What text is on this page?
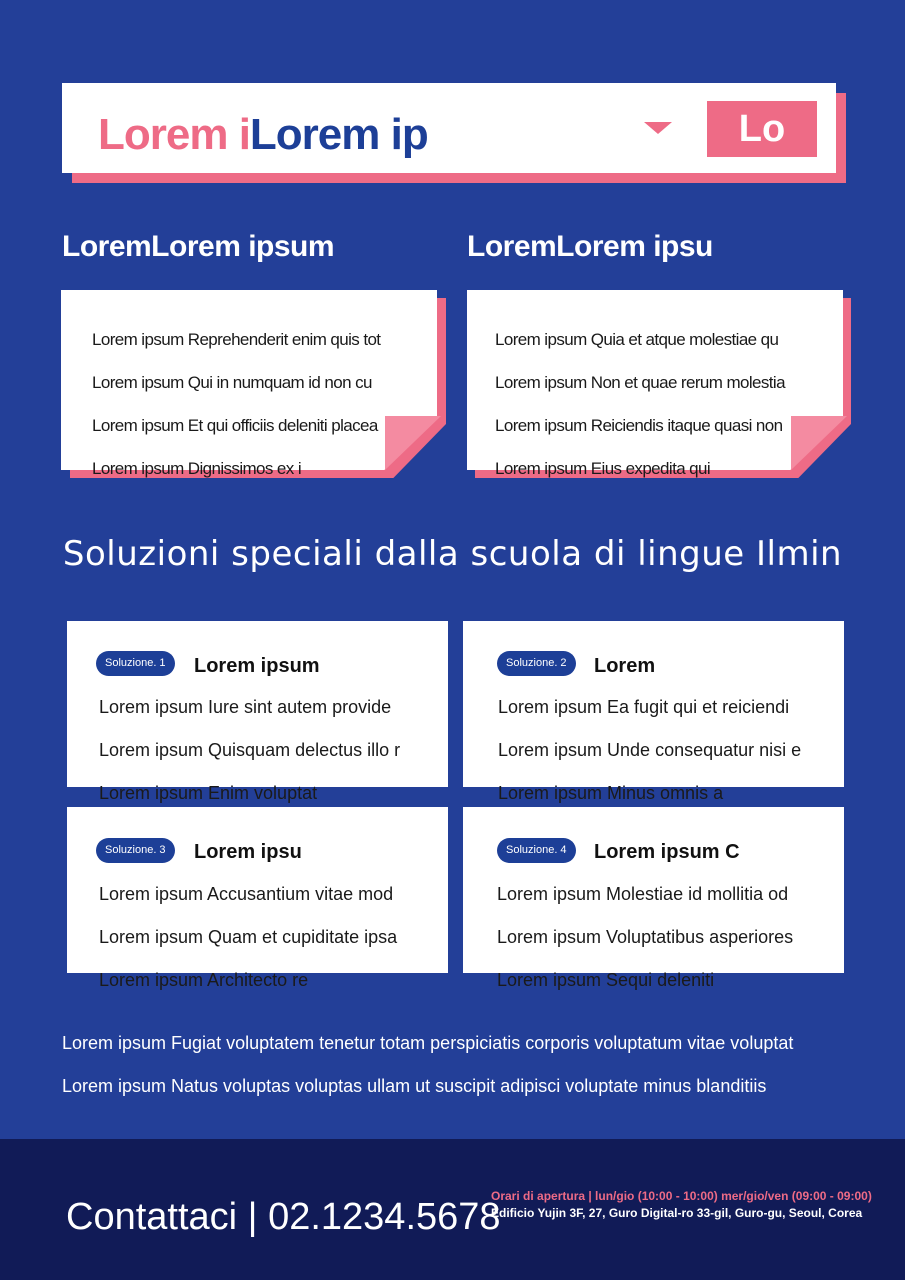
Lorem iLorem ip	Lo
LoremLorem ipsum
Lorem ipsum Reprehenderit enim quis tot
Lorem ipsum Qui in numquam id non cu
Lorem ipsum Et qui officiis deleniti placea
Lorem ipsum Dignissimos ex i
LoremLorem ipsu
Lorem ipsum Quia et atque molestiae qu
Lorem ipsum Non et quae rerum molestia
Lorem ipsum Reiciendis itaque quasi non
Lorem ipsum Eius expedita qui
Soluzioni speciali dalla scuola di lingue Ilmin
Soluzione. 1	Lorem ipsum
Lorem ipsum Iure sint autem provide
Lorem ipsum Quisquam delectus illo r
Lorem ipsum Enim voluptat
Soluzione. 2	Lorem
Lorem ipsum Ea fugit qui et reiciendi
Lorem ipsum Unde consequatur nisi e
Lorem ipsum Minus omnis a
Soluzione. 3	Lorem ipsu
Lorem ipsum Accusantium vitae mod
Lorem ipsum Quam et cupiditate ipsa
Lorem ipsum Architecto re
Soluzione. 4	Lorem ipsum C
Lorem ipsum Molestiae id mollitia od
Lorem ipsum Voluptatibus asperiores
Lorem ipsum Sequi deleniti
Lorem ipsum Fugiat voluptatem tenetur totam perspiciatis corporis voluptatum vitae voluptat
Lorem ipsum Natus voluptas voluptas ullam ut suscipit adipisci voluptate minus blanditiis
Contattaci | 02.1234.5678
Orari di apertura | lun/gio (10:00 - 10:00) mer/gio/ven (09:00 - 09:00)
Edificio Yujin 3F, 27, Guro Digital-ro 33-gil, Guro-gu, Seoul, Corea
